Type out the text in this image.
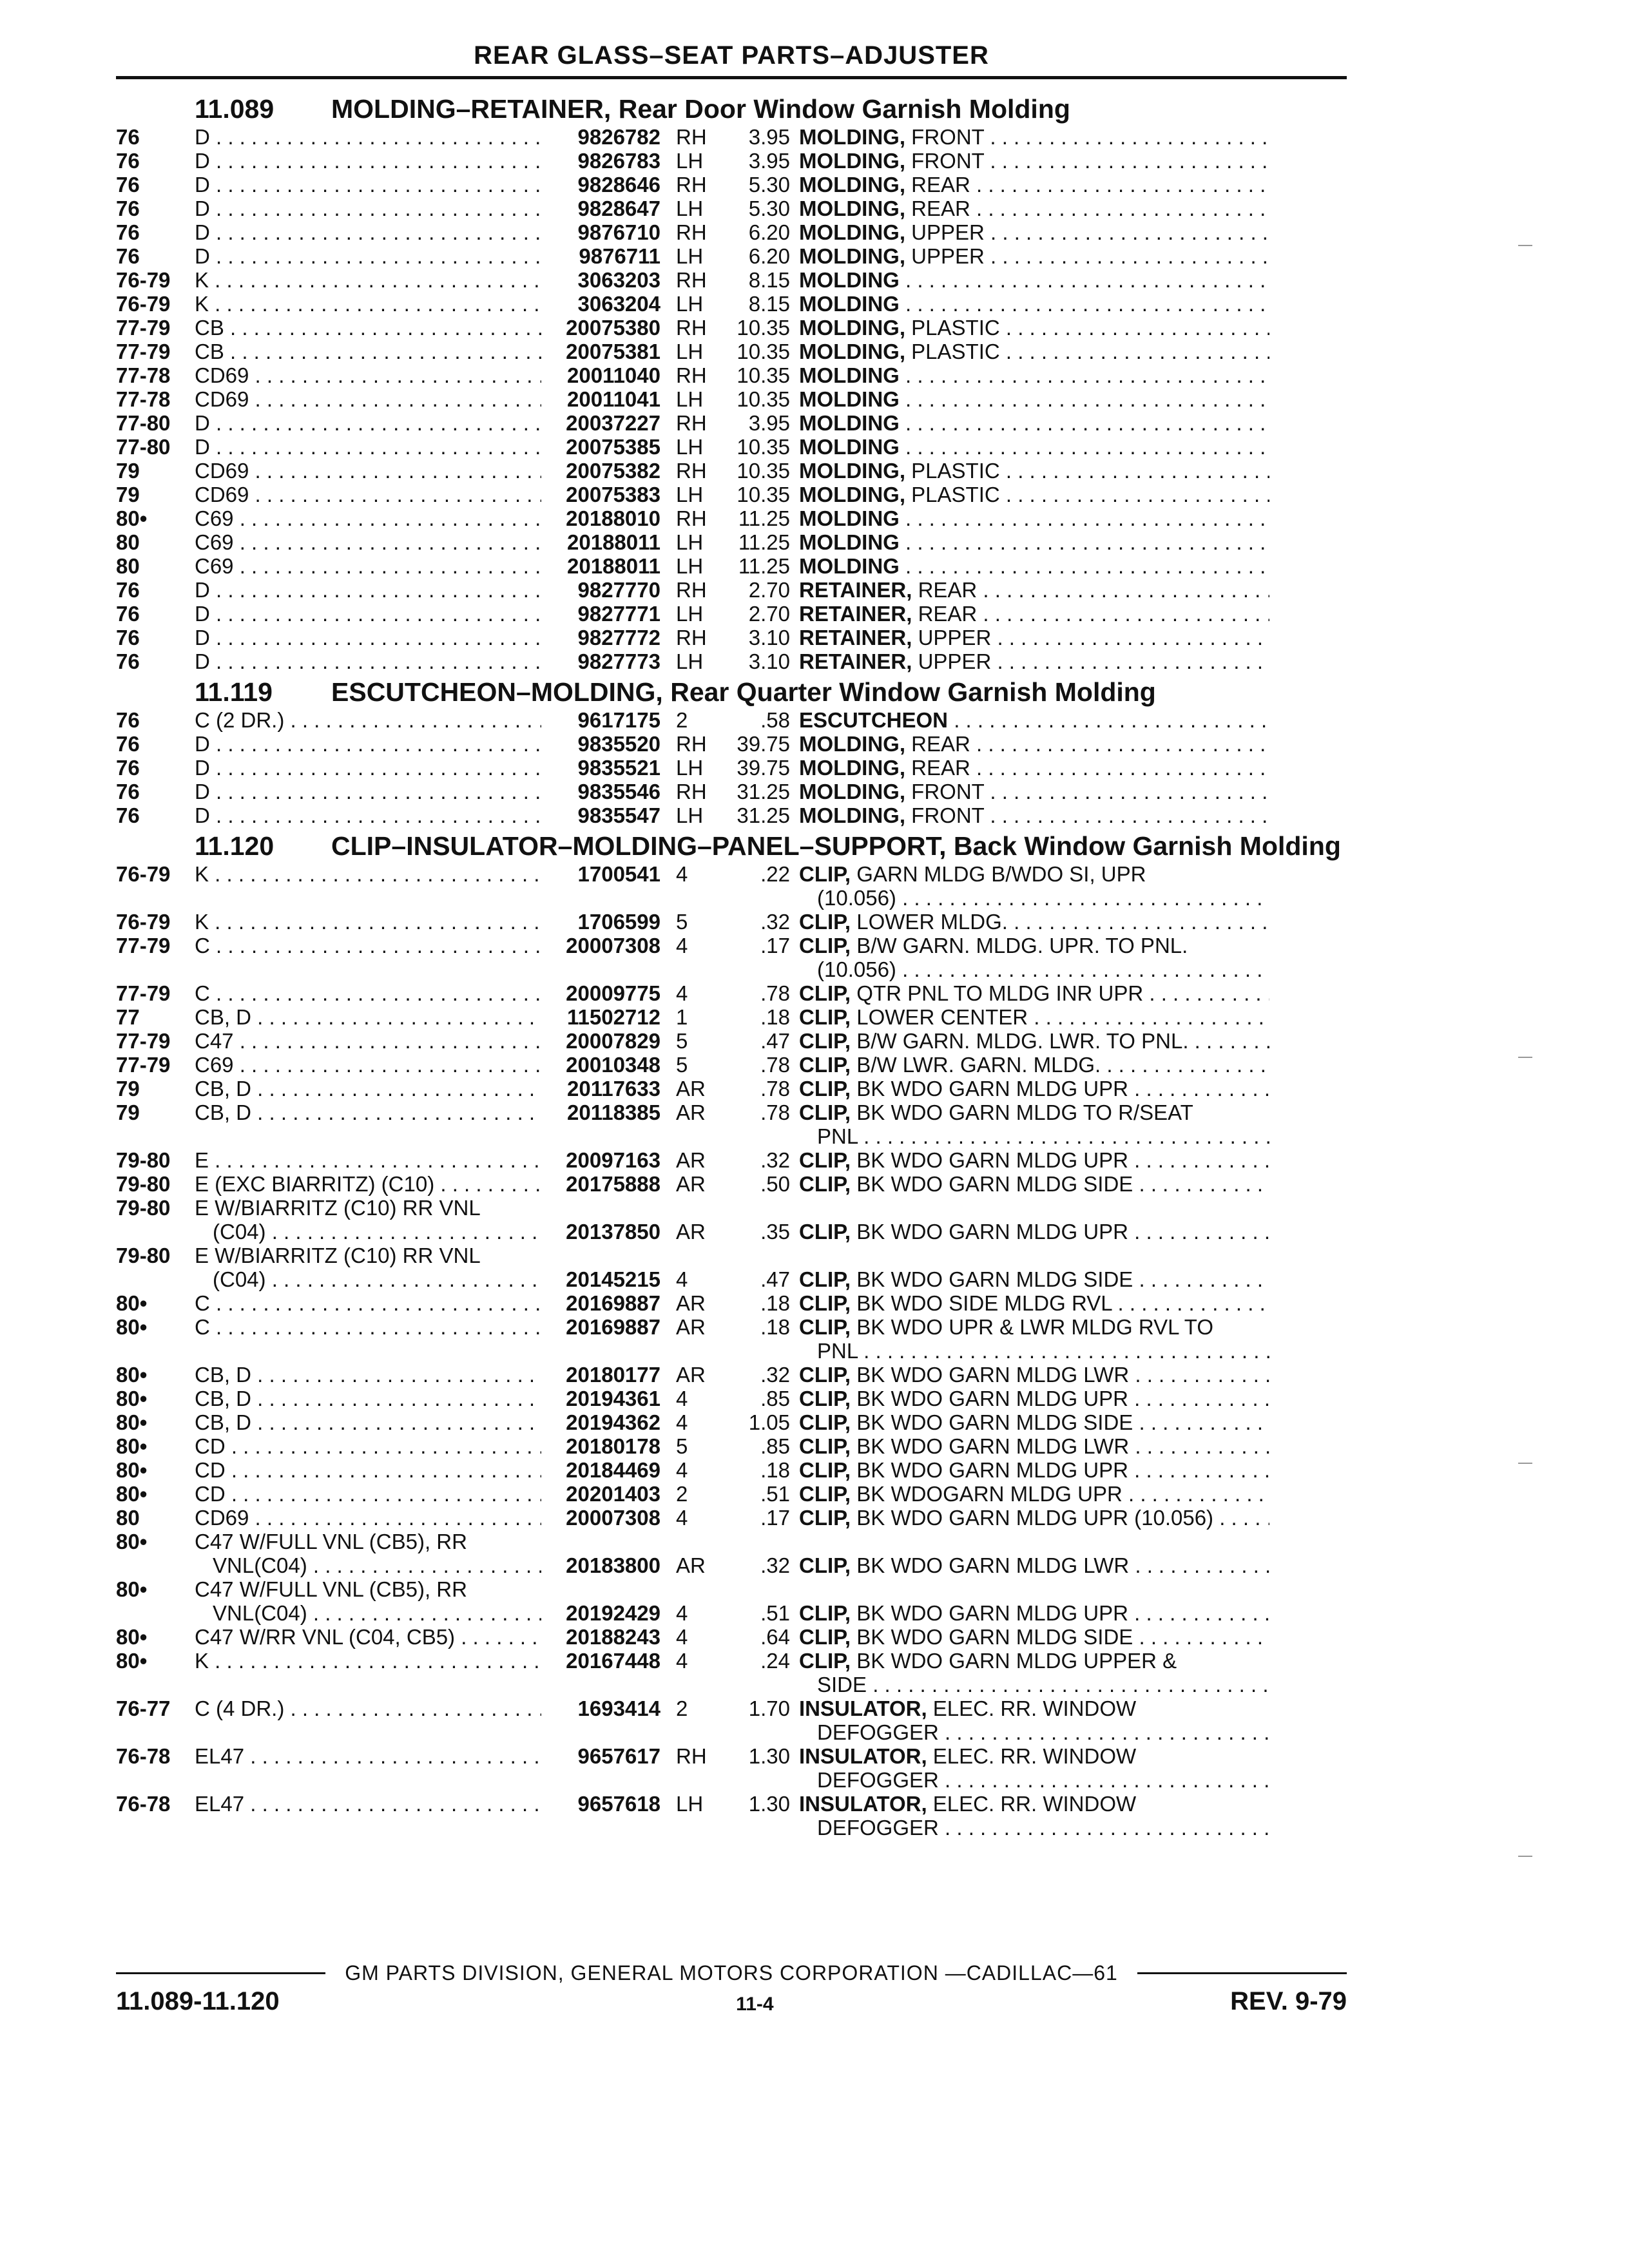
REAR GLASS–SEAT PARTS–ADJUSTER
11.089	MOLDING–RETAINER, Rear Door Window Garnish Molding
76	D . . .	9826782 RH	3.95 MOLDING, FRONT . . .
76	D . . .	9826783 LH	3.95 MOLDING, FRONT . . .
76	D . . .	9828646 RH	5.30 MOLDING, REAR . . .
76	D . . .	9828647 LH	5.30 MOLDING, REAR . . .
76	D . . .	9876710 RH	6.20 MOLDING, UPPER . . .
76	D . . .	9876711 LH	6.20 MOLDING, UPPER . . .
76-79	K . . .	3063203 RH	8.15 MOLDING . . .
76-79	K . . .	3063204 LH	8.15 MOLDING . . .
77-79	CB . . .	20075380 RH	10.35 MOLDING, PLASTIC . . .
77-79	CB . . .	20075381 LH	10.35 MOLDING, PLASTIC . . .
77-78	CD69 . . .	20011040 RH	10.35 MOLDING . . .
77-78	CD69 . . .	20011041 LH	10.35 MOLDING . . .
77-80	D . . .	20037227 RH	3.95 MOLDING . . .
77-80	D . . .	20075385 LH	10.35 MOLDING . . .
79	CD69 . . .	20075382 RH	10.35 MOLDING, PLASTIC . . .
79	CD69 . . .	20075383 LH	10.35 MOLDING, PLASTIC . . .
80•	C69 . . .	20188010 RH	11.25 MOLDING . . .
80	C69 . . .	20188011 LH	11.25 MOLDING . . .
80	C69 . . .	20188011 LH	11.25 MOLDING . . .
76	D . . .	9827770 RH	2.70 RETAINER, REAR . . .
76	D . . .	9827771 LH	2.70 RETAINER, REAR . . .
76	D . . .	9827772 RH	3.10 RETAINER, UPPER . . .
76	D . . .	9827773 LH	3.10 RETAINER, UPPER . . .
11.119	ESCUTCHEON–MOLDING, Rear Quarter Window Garnish Molding
76	C (2 DR.) . . .	9617175 2	.58 ESCUTCHEON . . .
76	D . . .	9835520 RH	39.75 MOLDING, REAR . . .
76	D . . .	9835521 LH	39.75 MOLDING, REAR . . .
76	D . . .	9835546 RH	31.25 MOLDING, FRONT . . .
76	D . . .	9835547 LH	31.25 MOLDING, FRONT . . .
11.120	CLIP–INSULATOR–MOLDING–PANEL–SUPPORT, Back Window Garnish Molding
76-79	K . . .	1700541 4	.22 CLIP, GARN MLDG B/WDO SI, UPR
(10.056) . . .
76-79	K . . .	1706599 5	.32 CLIP, LOWER MLDG. . . .
77-79	C . . .	20007308 4	.17 CLIP, B/W GARN. MLDG. UPR. TO PNL.
(10.056) . . .
77-79	C . . .	20009775 4	.78 CLIP, QTR PNL TO MLDG INR UPR . . .
77	CB, D . . .	11502712 1	.18 CLIP, LOWER CENTER . . .
77-79	C47 . . .	20007829 5	.47 CLIP, B/W GARN. MLDG. LWR. TO PNL. . . .
77-79	C69 . . .	20010348 5	.78 CLIP, B/W LWR. GARN. MLDG. . . .
79	CB, D . . .	20117633 AR	.78 CLIP, BK WDO GARN MLDG UPR . . .
79	CB, D . . .	20118385 AR	.78 CLIP, BK WDO GARN MLDG TO R/SEAT
PNL . . .
79-80	E . . .	20097163 AR	.32 CLIP, BK WDO GARN MLDG UPR . . .
79-80	E (EXC BIARRITZ) (C10) . . .	20175888 AR	.50 CLIP, BK WDO GARN MLDG SIDE . . .
79-80	E W/BIARRITZ (C10) RR VNL
(C04) . . .	20137850 AR	.35 CLIP, BK WDO GARN MLDG UPR . . .
79-80	E W/BIARRITZ (C10) RR VNL
(C04) . . .	20145215 4	.47 CLIP, BK WDO GARN MLDG SIDE . . .
80•	C . . .	20169887 AR	.18 CLIP, BK WDO SIDE MLDG RVL . . .
80•	C . . .	20169887 AR	.18 CLIP, BK WDO UPR & LWR MLDG RVL TO
PNL . . .
80•	CB, D . . .	20180177 AR	.32 CLIP, BK WDO GARN MLDG LWR . . .
80•	CB, D . . .	20194361 4	.85 CLIP, BK WDO GARN MLDG UPR . . .
80•	CB, D . . .	20194362 4	1.05 CLIP, BK WDO GARN MLDG SIDE . . .
80•	CD . . .	20180178 5	.85 CLIP, BK WDO GARN MLDG LWR . . .
80•	CD . . .	20184469 4	.18 CLIP, BK WDO GARN MLDG UPR . . .
80•	CD . . .	20201403 2	.51 CLIP, BK WDOGARN MLDG UPR . . .
80	CD69 . . .	20007308 4	.17 CLIP, BK WDO GARN MLDG UPR (10.056) . . .
80•	C47 W/FULL VNL (CB5), RR
VNL(C04) . . .	20183800 AR	.32 CLIP, BK WDO GARN MLDG LWR . . .
80•	C47 W/FULL VNL (CB5), RR
VNL(C04) . . .	20192429 4	.51 CLIP, BK WDO GARN MLDG UPR . . .
80•	C47 W/RR VNL (C04, CB5) . . .	20188243 4	.64 CLIP, BK WDO GARN MLDG SIDE . . .
80•	K . . .	20167448 4	.24 CLIP, BK WDO GARN MLDG UPPER &
SIDE . . .
76-77	C (4 DR.) . . .	1693414 2	1.70 INSULATOR, ELEC. RR. WINDOW
DEFOGGER . . .
76-78	EL47 . . .	9657617 RH	1.30 INSULATOR, ELEC. RR. WINDOW
DEFOGGER . . .
76-78	EL47 . . .	9657618 LH	1.30 INSULATOR, ELEC. RR. WINDOW
DEFOGGER . . .
GM PARTS DIVISION, GENERAL MOTORS CORPORATION —CADILLAC—61
11.089-11.120	11-4	REV. 9-79
